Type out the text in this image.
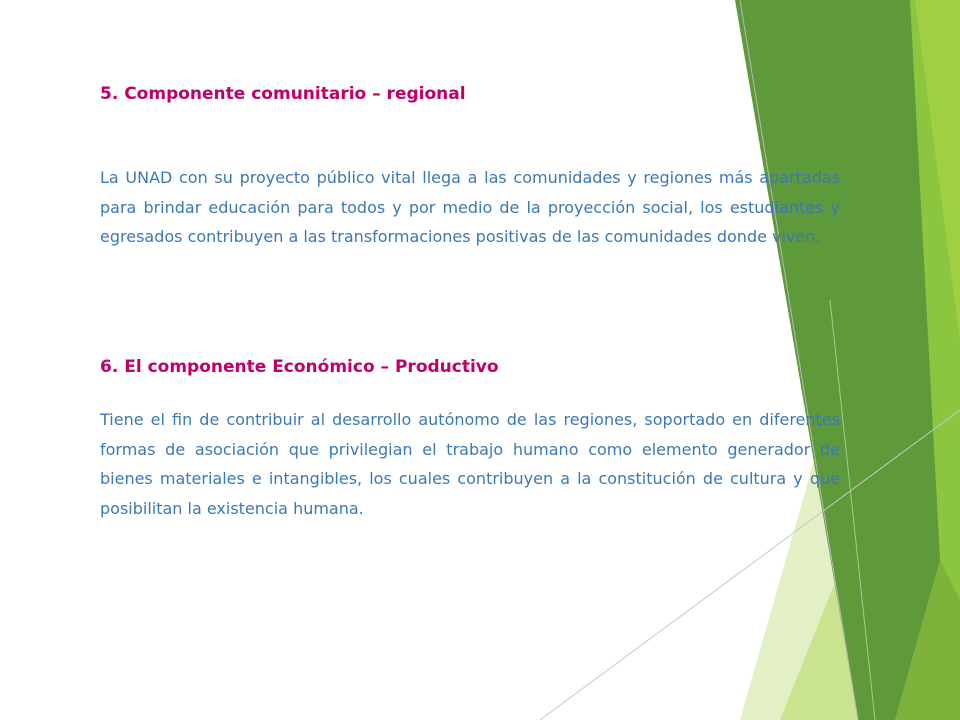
5. Componente comunitario – regional

La UNAD con su proyecto público vital llega a las comunidades y regiones más apartadas para brindar educación para todos y por medio de la proyección social, los estudiantes y egresados contribuyen a las transformaciones positivas de las comunidades donde viven.

6. El componente Económico – Productivo

Tiene el fin de contribuir al desarrollo autónomo de las regiones, soportado en diferentes formas de asociación que privilegian el trabajo humano como elemento generador de bienes materiales e intangibles, los cuales contribuyen a la constitución de cultura y que posibilitan la existencia humana.
